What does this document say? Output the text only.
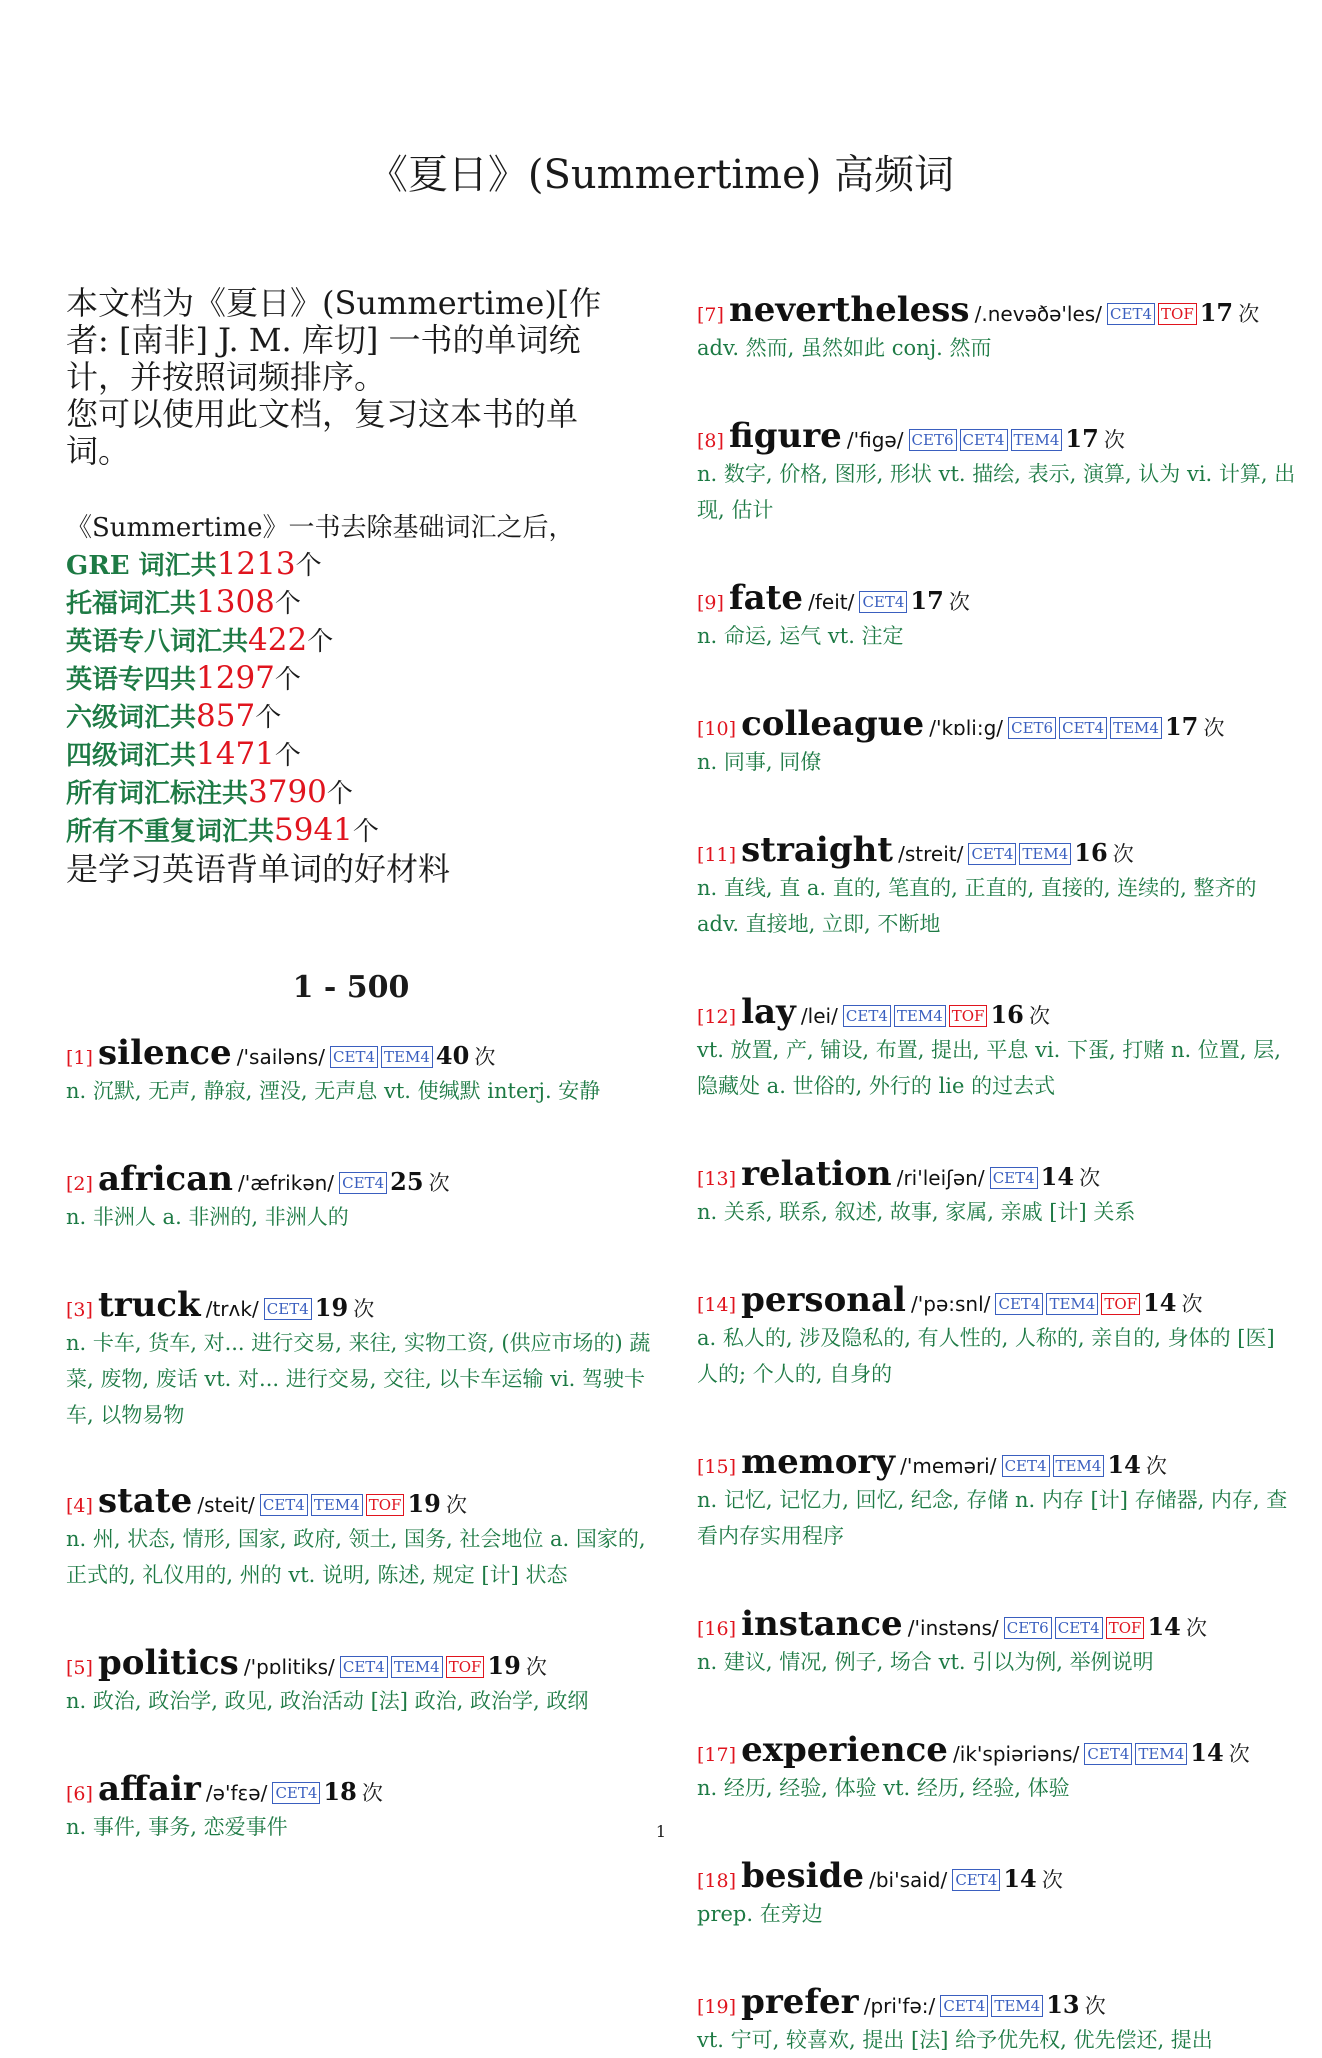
《夏日》(Summertime) 高频词

本文档为《夏日》(Summertime)[作者: [南非] J. M. 库切] 一书的单词统计，并按照词频排序。

您可以使用此文档，复习这本书的单词。

《Summertime》一书去除基础词汇之后，
GRE 词汇共1213个
托福词汇共1308个
英语专八词汇共422个
英语专四共1297个
六级词汇共857个
四级词汇共1471个
所有词汇标注共3790个
所有不重复词汇共5941个
是学习英语背单词的好材料
1 - 500
[1] silence /'sailəns/ CET4 TEM4 40 次
n. 沉默, 无声, 静寂, 湮没, 无声息 vt. 使缄默 interj. 安静
[2] african /'æfrikən/ CET4 25 次
n. 非洲人 a. 非洲的, 非洲人的
[3] truck /trʌk/ CET4 19 次
n. 卡车, 货车, 对... 进行交易, 来往, 实物工资, (供应市场的) 蔬菜, 废物, 废话 vt. 对... 进行交易, 交往, 以卡车运输 vi. 驾驶卡车, 以物易物
[4] state /steit/ CET4 TEM4 TOF 19 次
n. 州, 状态, 情形, 国家, 政府, 领土, 国务, 社会地位 a. 国家的, 正式的, 礼仪用的, 州的 vt. 说明, 陈述, 规定 [计] 状态
[5] politics /'pɒlitiks/ CET4 TEM4 TOF 19 次
n. 政治, 政治学, 政见, 政治活动 [法] 政治, 政治学, 政纲
[6] affair /ə'fεə/ CET4 18 次
n. 事件, 事务, 恋爱事件
[7] nevertheless /.nevəðə'les/ CET4 TOF 17 次
adv. 然而, 虽然如此 conj. 然而
[8] figure /'figə/ CET6 CET4 TEM4 17 次
n. 数字, 价格, 图形, 形状 vt. 描绘, 表示, 演算, 认为 vi. 计算, 出现, 估计
[9] fate /feit/ CET4 17 次
n. 命运, 运气 vt. 注定
[10] colleague /'kɒli:g/ CET6 CET4 TEM4 17 次
n. 同事, 同僚
[11] straight /streit/ CET4 TEM4 16 次
n. 直线, 直 a. 直的, 笔直的, 正直的, 直接的, 连续的, 整齐的 adv. 直接地, 立即, 不断地
[12] lay /lei/ CET4 TEM4 TOF 16 次
vt. 放置, 产, 铺设, 布置, 提出, 平息 vi. 下蛋, 打赌 n. 位置, 层, 隐藏处 a. 世俗的, 外行的 lie 的过去式
[13] relation /ri'leiʃən/ CET4 14 次
n. 关系, 联系, 叙述, 故事, 家属, 亲戚 [计] 关系
[14] personal /'pə:snl/ CET4 TEM4 TOF 14 次
a. 私人的, 涉及隐私的, 有人性的, 人称的, 亲自的, 身体的 [医] 人的; 个人的, 自身的
[15] memory /'meməri/ CET4 TEM4 14 次
n. 记忆, 记忆力, 回忆, 纪念, 存储 n. 内存 [计] 存储器, 内存, 查看内存实用程序
[16] instance /'instəns/ CET6 CET4 TOF 14 次
n. 建议, 情况, 例子, 场合 vt. 引以为例, 举例说明
[17] experience /ik'spiəriəns/ CET4 TEM4 14 次
n. 经历, 经验, 体验 vt. 经历, 经验, 体验
[18] beside /bi'said/ CET4 14 次
prep. 在旁边
[19] prefer /pri'fə:/ CET4 TEM4 13 次
vt. 宁可, 较喜欢, 提出 [法] 给予优先权, 优先偿还, 提出
1
